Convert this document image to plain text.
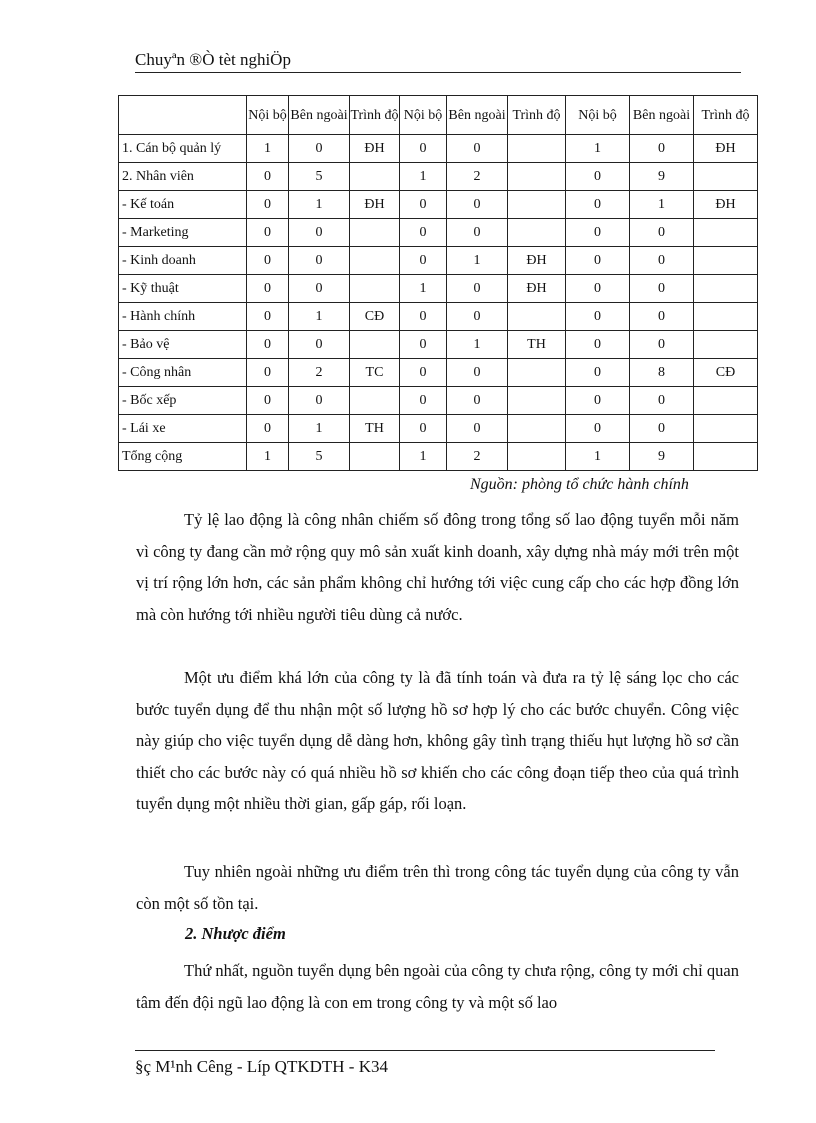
Chuyªn ®Ò tèt nghiÖp
	Nội bộ	Bên ngoài	Trình độ	Nội bộ	Bên ngoài	Trình độ	Nội bộ	Bên ngoài	Trình độ
1. Cán bộ quản lý	1	0	ĐH	0	0		1	0	ĐH
2. Nhân viên	0	5		1	2		0	9	
- Kế toán	0	1	ĐH	0	0		0	1	ĐH
- Marketing	0	0		0	0		0	0	
- Kinh doanh	0	0		0	1	ĐH	0	0	
- Kỹ thuật	0	0		1	0	ĐH	0	0	
- Hành chính	0	1	CĐ	0	0		0	0	
- Bảo vệ	0	0		0	1	TH	0	0	
- Công nhân	0	2	TC	0	0		0	8	CĐ
- Bốc xếp	0	0		0	0		0	0	
- Lái xe	0	1	TH	0	0		0	0	
Tổng cộng	1	5		1	2		1	9	
Nguồn: phòng tổ chức hành chính

Tỷ lệ lao động là công nhân chiếm số đông trong tổng số lao động tuyển mỗi năm vì công ty đang cần mở rộng quy mô sản xuất kinh doanh, xây dựng nhà máy mới trên một vị trí rộng lớn hơn, các sản phẩm không chỉ hướng tới việc cung cấp cho các hợp đồng lớn mà còn hướng tới nhiều người tiêu dùng cả nước.

Một ưu điểm khá lớn của công ty là đã tính toán và đưa ra tỷ lệ sáng lọc cho các bước tuyển dụng để thu nhận một số lượng hồ sơ hợp lý cho các bước chuyển. Công việc này giúp cho việc tuyển dụng dễ dàng hơn, không gây tình trạng thiếu hụt lượng hồ sơ cần thiết cho các bước này có quá nhiều hồ sơ khiến cho các công đoạn tiếp theo của quá trình tuyển dụng một nhiều thời gian, gấp gáp, rối loạn.

Tuy nhiên ngoài những ưu điểm trên thì trong công tác tuyển dụng của công ty vẫn còn một số tồn tại.

2. Nhược điểm

Thứ nhất, nguồn tuyển dụng bên ngoài của công ty chưa rộng, công ty mới chỉ quan tâm đến đội ngũ lao động là con em trong công ty và một số lao

§ç M¹nh Cêng - Líp QTKDTH - K34
